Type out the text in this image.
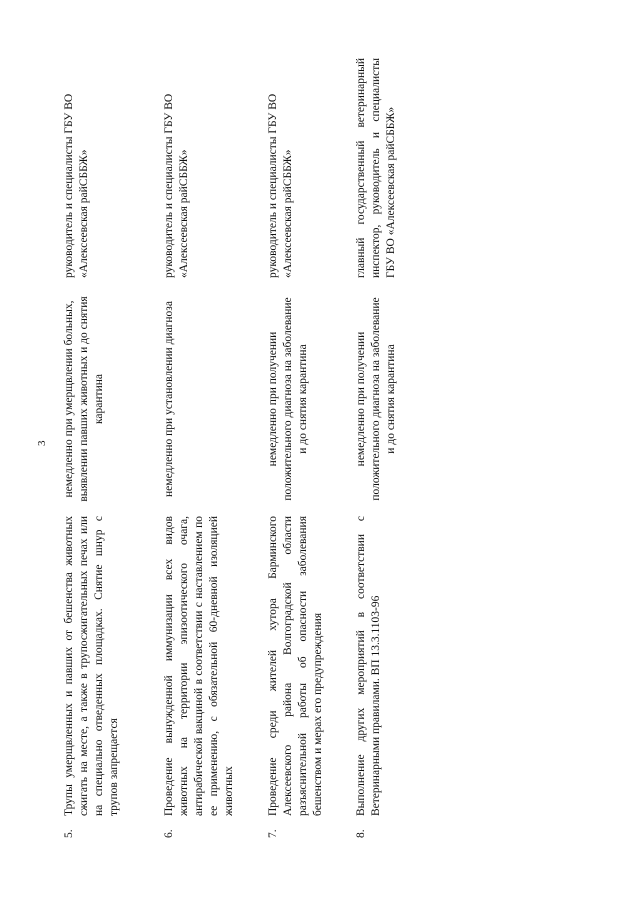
3
5.
Трупы умерщвленных и павших от бешенства животных сжигать на месте, а также в трупосжигательных печах или на специально отведенных площадках. Снятие шнур с трупов запрещается
немедленно при умерщвлении больных, выявлении павших животных и до снятия карантина
руководитель и специалисты ГБУ ВО «Алексеевская райСББЖ»
6.
Проведение вынужденной иммунизации всех видов животных на территории эпизоотического очага, антирабической вакциной в соответствии с наставлением по ее применению, с обязательной 60-дневной изоляцией животных
немедленно при установлении диагноза
руководитель и специалисты ГБУ ВО «Алексеевская райСББЖ»
7.
Проведение среди жителей хутора Барминского Алексеевского района Волгоградской области разъяснительной работы об опасности заболевания бешенством и мерах его предупреждения
немедленно при получении положительного диагноза на заболевание и до снятия карантина
руководитель и специалисты ГБУ ВО «Алексеевская райСББЖ»
8.
Выполнение других мероприятий в соответствии с Ветеринарными правилами. ВП 13.3.1103-96
немедленно при получении положительного диагноза на заболевание и до снятия карантина
главный государственный ветеринарный инспектор, руководитель и специалисты ГБУ ВО «Алексеевская райСББЖ»
